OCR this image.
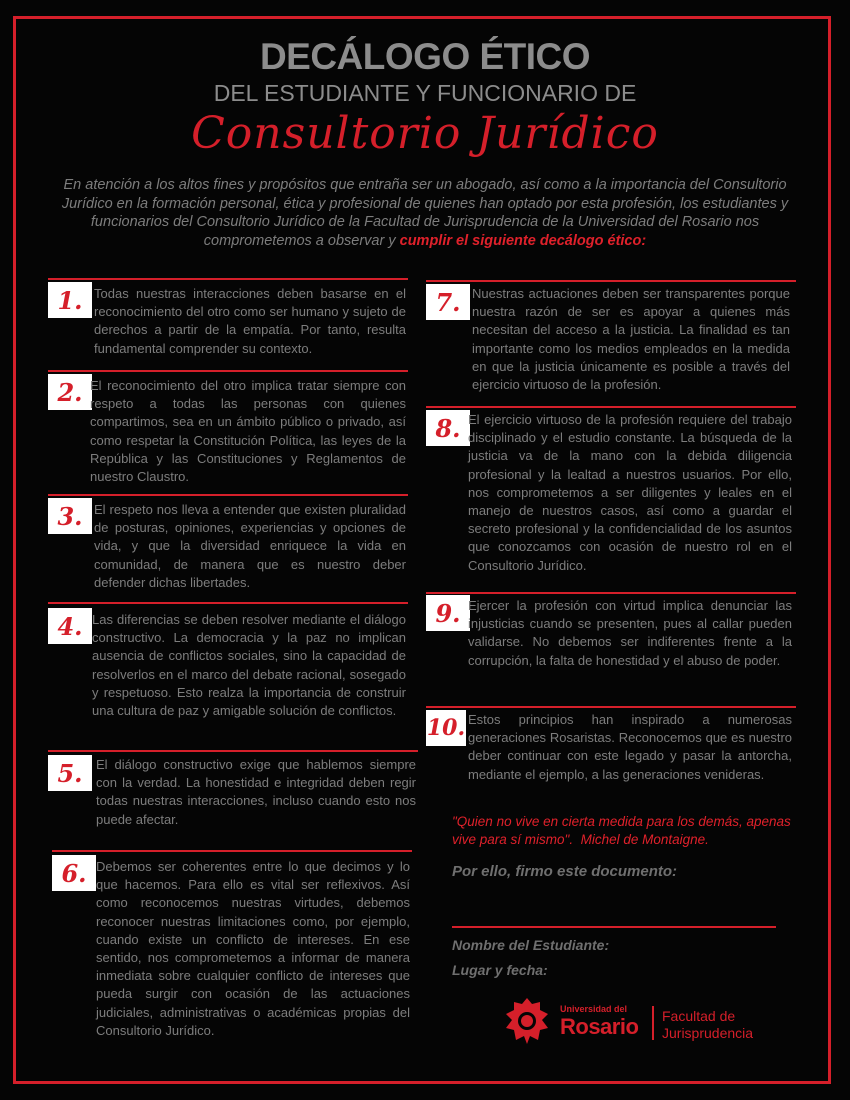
DECÁLOGO ÉTICO
DEL ESTUDIANTE Y FUNCIONARIO DE
Consultorio Jurídico

En atención a los altos fines y propósitos que entraña ser un abogado, así como a la importancia del Consultorio Jurídico en la formación personal, ética y profesional de quienes han optado por esta profesión, los estudiantes y funcionarios del Consultorio Jurídico de la Facultad de Jurisprudencia de la Universidad del Rosario nos comprometemos a observar y cumplir el siguiente decálogo ético:

1. Todas nuestras interacciones deben basarse en el reconocimiento del otro como ser humano y sujeto de derechos a partir de la empatía. Por tanto, resulta fundamental comprender su contexto.

2. El reconocimiento del otro implica tratar siempre con respeto a todas las personas con quienes compartimos, sea en un ámbito público o privado, así como respetar la Constitución Política, las leyes de la República y las Constituciones y Reglamentos de nuestro Claustro.

3. El respeto nos lleva a entender que existen pluralidad de posturas, opiniones, experiencias y opciones de vida, y que la diversidad enriquece la vida en comunidad, de manera que es nuestro deber defender dichas libertades.

4. Las diferencias se deben resolver mediante el diálogo constructivo. La democracia y la paz no implican ausencia de conflictos sociales, sino la capacidad de resolverlos en el marco del debate racional, sosegado y respetuoso. Esto realza la importancia de construir una cultura de paz y amigable solución de conflictos.

5.	El diálogo constructivo exige que hablemos siempre con la verdad. La honestidad e integridad deben regir todas nuestras interacciones, incluso cuando esto nos puede afectar.

6. Debemos ser coherentes entre lo que decimos y lo que hacemos. Para ello es vital ser reflexivos. Así como reconocemos nuestras virtudes, debemos reconocer nuestras limitaciones como, por ejemplo, cuando existe un conflicto de intereses. En ese sentido, nos comprometemos a informar de manera inmediata sobre cualquier conflicto de intereses que pueda surgir con ocasión de las actuaciones judiciales, administrativas o académicas propias del Consultorio Jurídico.

7. Nuestras actuaciones deben ser transparentes porque nuestra razón de ser es apoyar a quienes más necesitan del acceso a la justicia. La finalidad es tan importante como los medios empleados en la medida en que la justicia únicamente es posible a través del ejercicio virtuoso de la profesión.

8. El ejercicio virtuoso de la profesión requiere del trabajo disciplinado y el estudio constante. La búsqueda de la justicia va de la mano con la debida diligencia profesional y la lealtad a nuestros usuarios. Por ello, nos comprometemos a ser diligentes y leales en el manejo de nuestros casos, así como a guardar el secreto profesional y la confidencialidad de los asuntos que conozcamos con ocasión de nuestro rol en el Consultorio Jurídico.

9. Ejercer la profesión con virtud implica denunciar las injusticias cuando se presenten, pues al callar pueden validarse. No debemos ser indiferentes frente a la corrupción, la falta de honestidad y el abuso de poder.

10. Estos principios han inspirado a numerosas generaciones Rosaristas. Reconocemos que es nuestro deber continuar con este legado y pasar la antorcha, mediante el ejemplo, a las generaciones venideras.

"Quien no vive en cierta medida para los demás, apenas vive para sí mismo". Michel de Montaigne.
Por ello, firmo este documento:
Nombre del Estudiante:
Lugar y fecha:
Universidad del
Rosario Facultad de
Jurisprudencia
